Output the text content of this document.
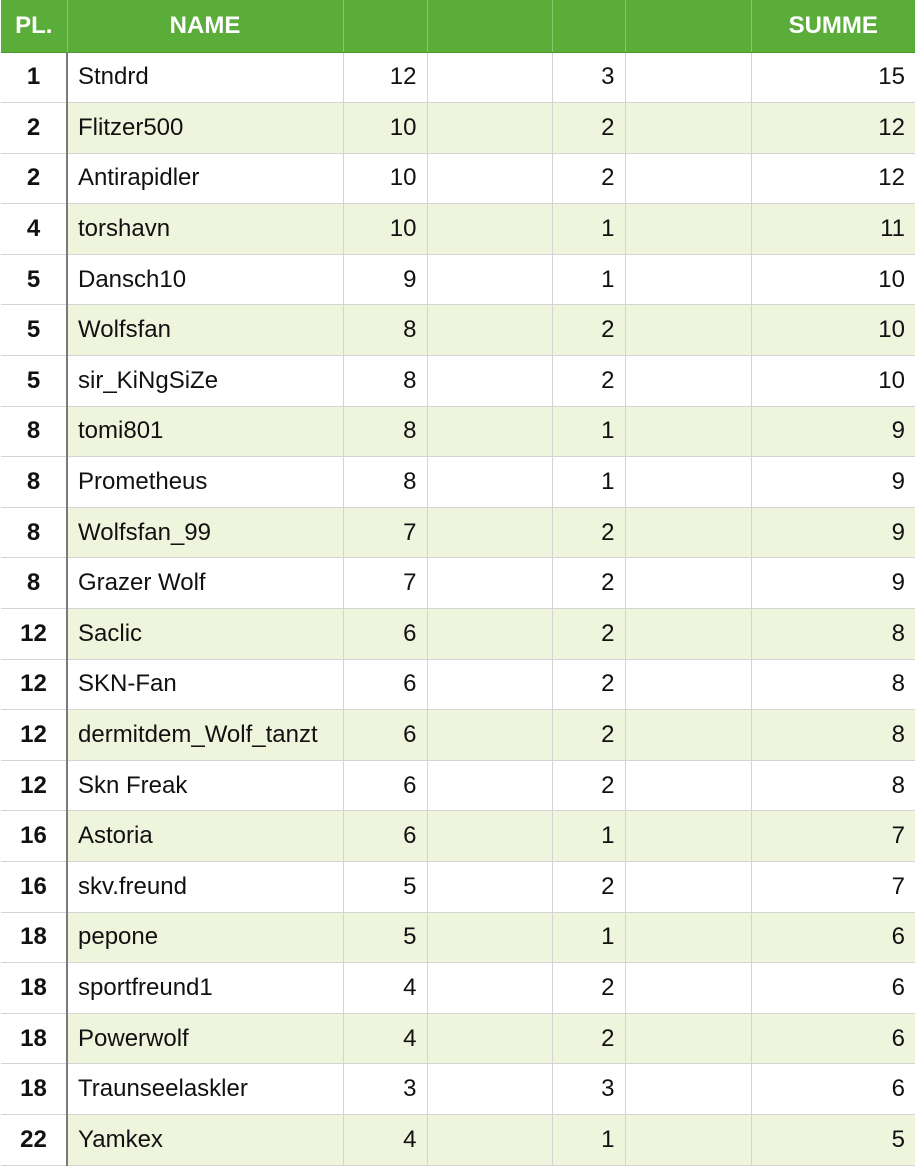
PL.	NAME					SUMME
1	Stndrd	12		3		15
2	Flitzer500	10		2		12
2	Antirapidler	10		2		12
4	torshavn	10		1		11
5	Dansch10	9		1		10
5	Wolfsfan	8		2		10
5	sir_KiNgSiZe	8		2		10
8	tomi801	8		1		9
8	Prometheus	8		1		9
8	Wolfsfan_99	7		2		9
8	Grazer Wolf	7		2		9
12	Saclic	6		2		8
12	SKN-Fan	6		2		8
12	dermitdem_Wolf_tanzt	6		2		8
12	Skn Freak	6		2		8
16	Astoria	6		1		7
16	skv.freund	5		2		7
18	pepone	5		1		6
18	sportfreund1	4		2		6
18	Powerwolf	4		2		6
18	Traunseelaskler	3		3		6
22	Yamkex	4		1		5
